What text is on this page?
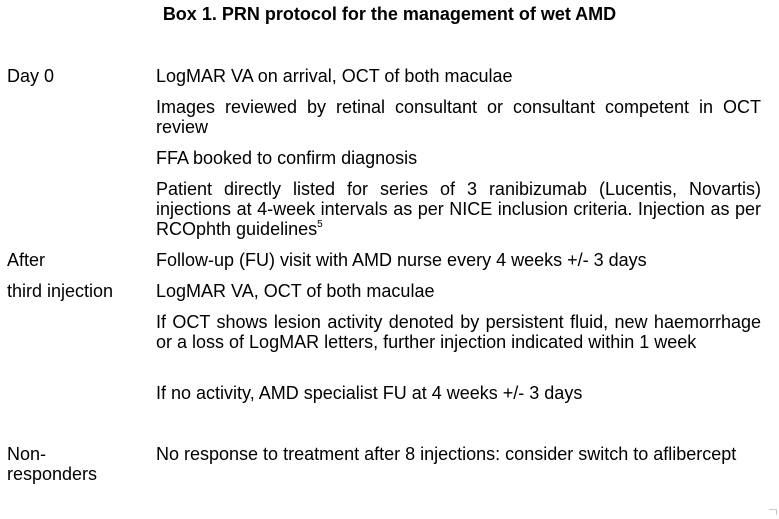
Box 1. PRN protocol for the management of wet AMD
Day 0
After
third injection
Non-
responders
LogMAR VA on arrival, OCT of both maculae
Images reviewed by retinal consultant or consultant competent in OCT review
FFA booked to confirm diagnosis
Patient directly listed for series of 3 ranibizumab (Lucentis, Novartis) injections at 4-week intervals as per NICE inclusion criteria. Injection as per RCOphth guidelines$^5$
Follow-up (FU) visit with AMD nurse every 4 weeks +/- 3 days
LogMAR VA, OCT of both maculae
If OCT shows lesion activity denoted by persistent fluid, new haemorrhage or a loss of LogMAR letters, further injection indicated within 1 week
If no activity, AMD specialist FU at 4 weeks +/- 3 days
No response to treatment after 8 injections: consider switch to aflibercept
